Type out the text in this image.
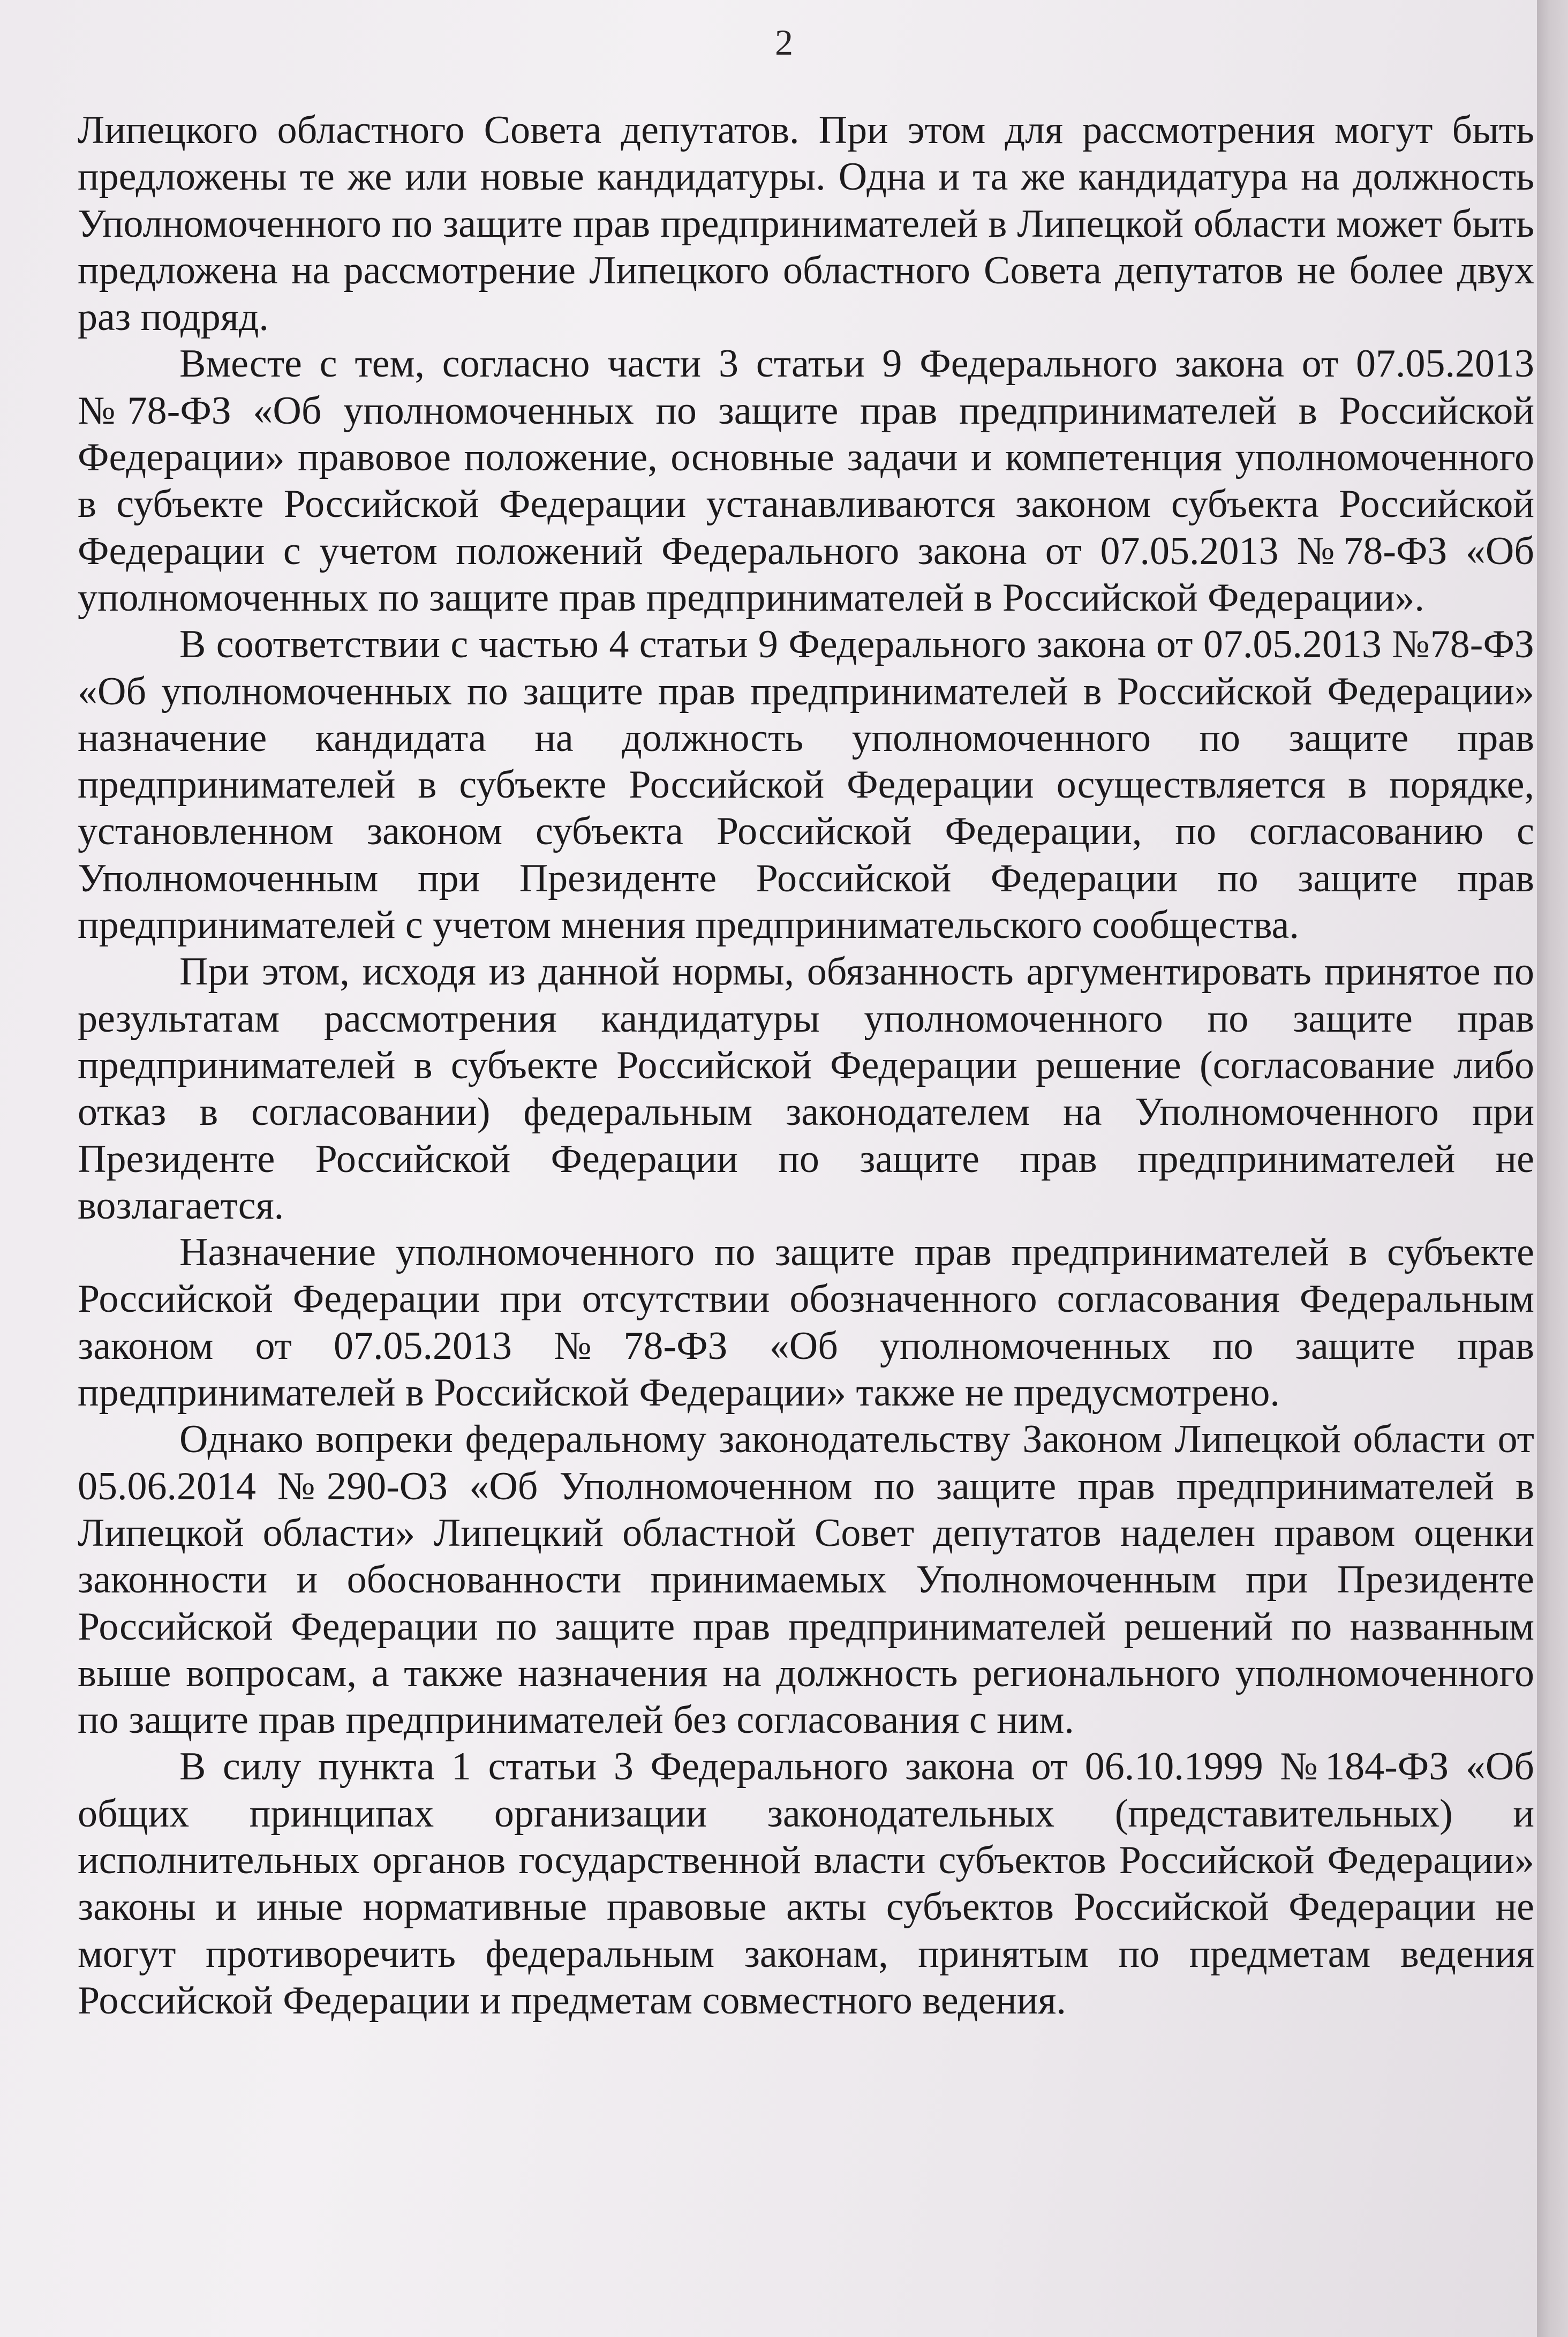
2

Липецкого областного Совета депутатов. При этом для рассмотрения могут быть предложены те же или новые кандидатуры. Одна и та же кандидатура на должность Уполномоченного по защите прав предпринимателей в Липецкой области может быть предложена на рассмотрение Липецкого областного Совета депутатов не более двух раз подряд.

Вместе с тем, согласно части 3 статьи 9 Федерального закона от 07.05.2013 №78-ФЗ «Об уполномоченных по защите прав предпринимателей в Российской Федерации» правовое положение, основные задачи и компетенция уполномоченного в субъекте Российской Федерации устанавливаются законом субъекта Российской Федерации с учетом положений Федерального закона от 07.05.2013 №78-ФЗ «Об уполномоченных по защите прав предпринимателей в Российской Федерации».

В соответствии с частью 4 статьи 9 Федерального закона от 07.05.2013 №78-ФЗ «Об уполномоченных по защите прав предпринимателей в Российской Федерации» назначение кандидата на должность уполномоченного по защите прав предпринимателей в субъекте Российской Федерации осуществляется в порядке, установленном законом субъекта Российской Федерации, по согласованию с Уполномоченным при Президенте Российской Федерации по защите прав предпринимателей с учетом мнения предпринимательского сообщества.

При этом, исходя из данной нормы, обязанность аргументировать принятое по результатам рассмотрения кандидатуры уполномоченного по защите прав предпринимателей в субъекте Российской Федерации решение (согласование либо отказ в согласовании) федеральным законодателем на Уполномоченного при Президенте Российской Федерации по защите прав предпринимателей не возлагается.

Назначение уполномоченного по защите прав предпринимателей в субъекте Российской Федерации при отсутствии обозначенного согласования Федеральным законом от 07.05.2013 №78-ФЗ «Об уполномоченных по защите прав предпринимателей в Российской Федерации» также не предусмотрено.

Однако вопреки федеральному законодательству Законом Липецкой области от 05.06.2014 №290-ОЗ «Об Уполномоченном по защите прав предпринимателей в Липецкой области» Липецкий областной Совет депутатов наделен правом оценки законности и обоснованности принимаемых Уполномоченным при Президенте Российской Федерации по защите прав предпринимателей решений по названным выше вопросам, а также назначения на должность регионального уполномоченного по защите прав предпринимателей без согласования с ним.

В силу пункта 1 статьи 3 Федерального закона от 06.10.1999 №184-ФЗ «Об общих принципах организации законодательных (представительных) и исполнительных органов государственной власти субъектов Российской Федерации» законы и иные нормативные правовые акты субъектов Российской Федерации не могут противоречить федеральным законам, принятым по предметам ведения Российской Федерации и предметам совместного ведения.
